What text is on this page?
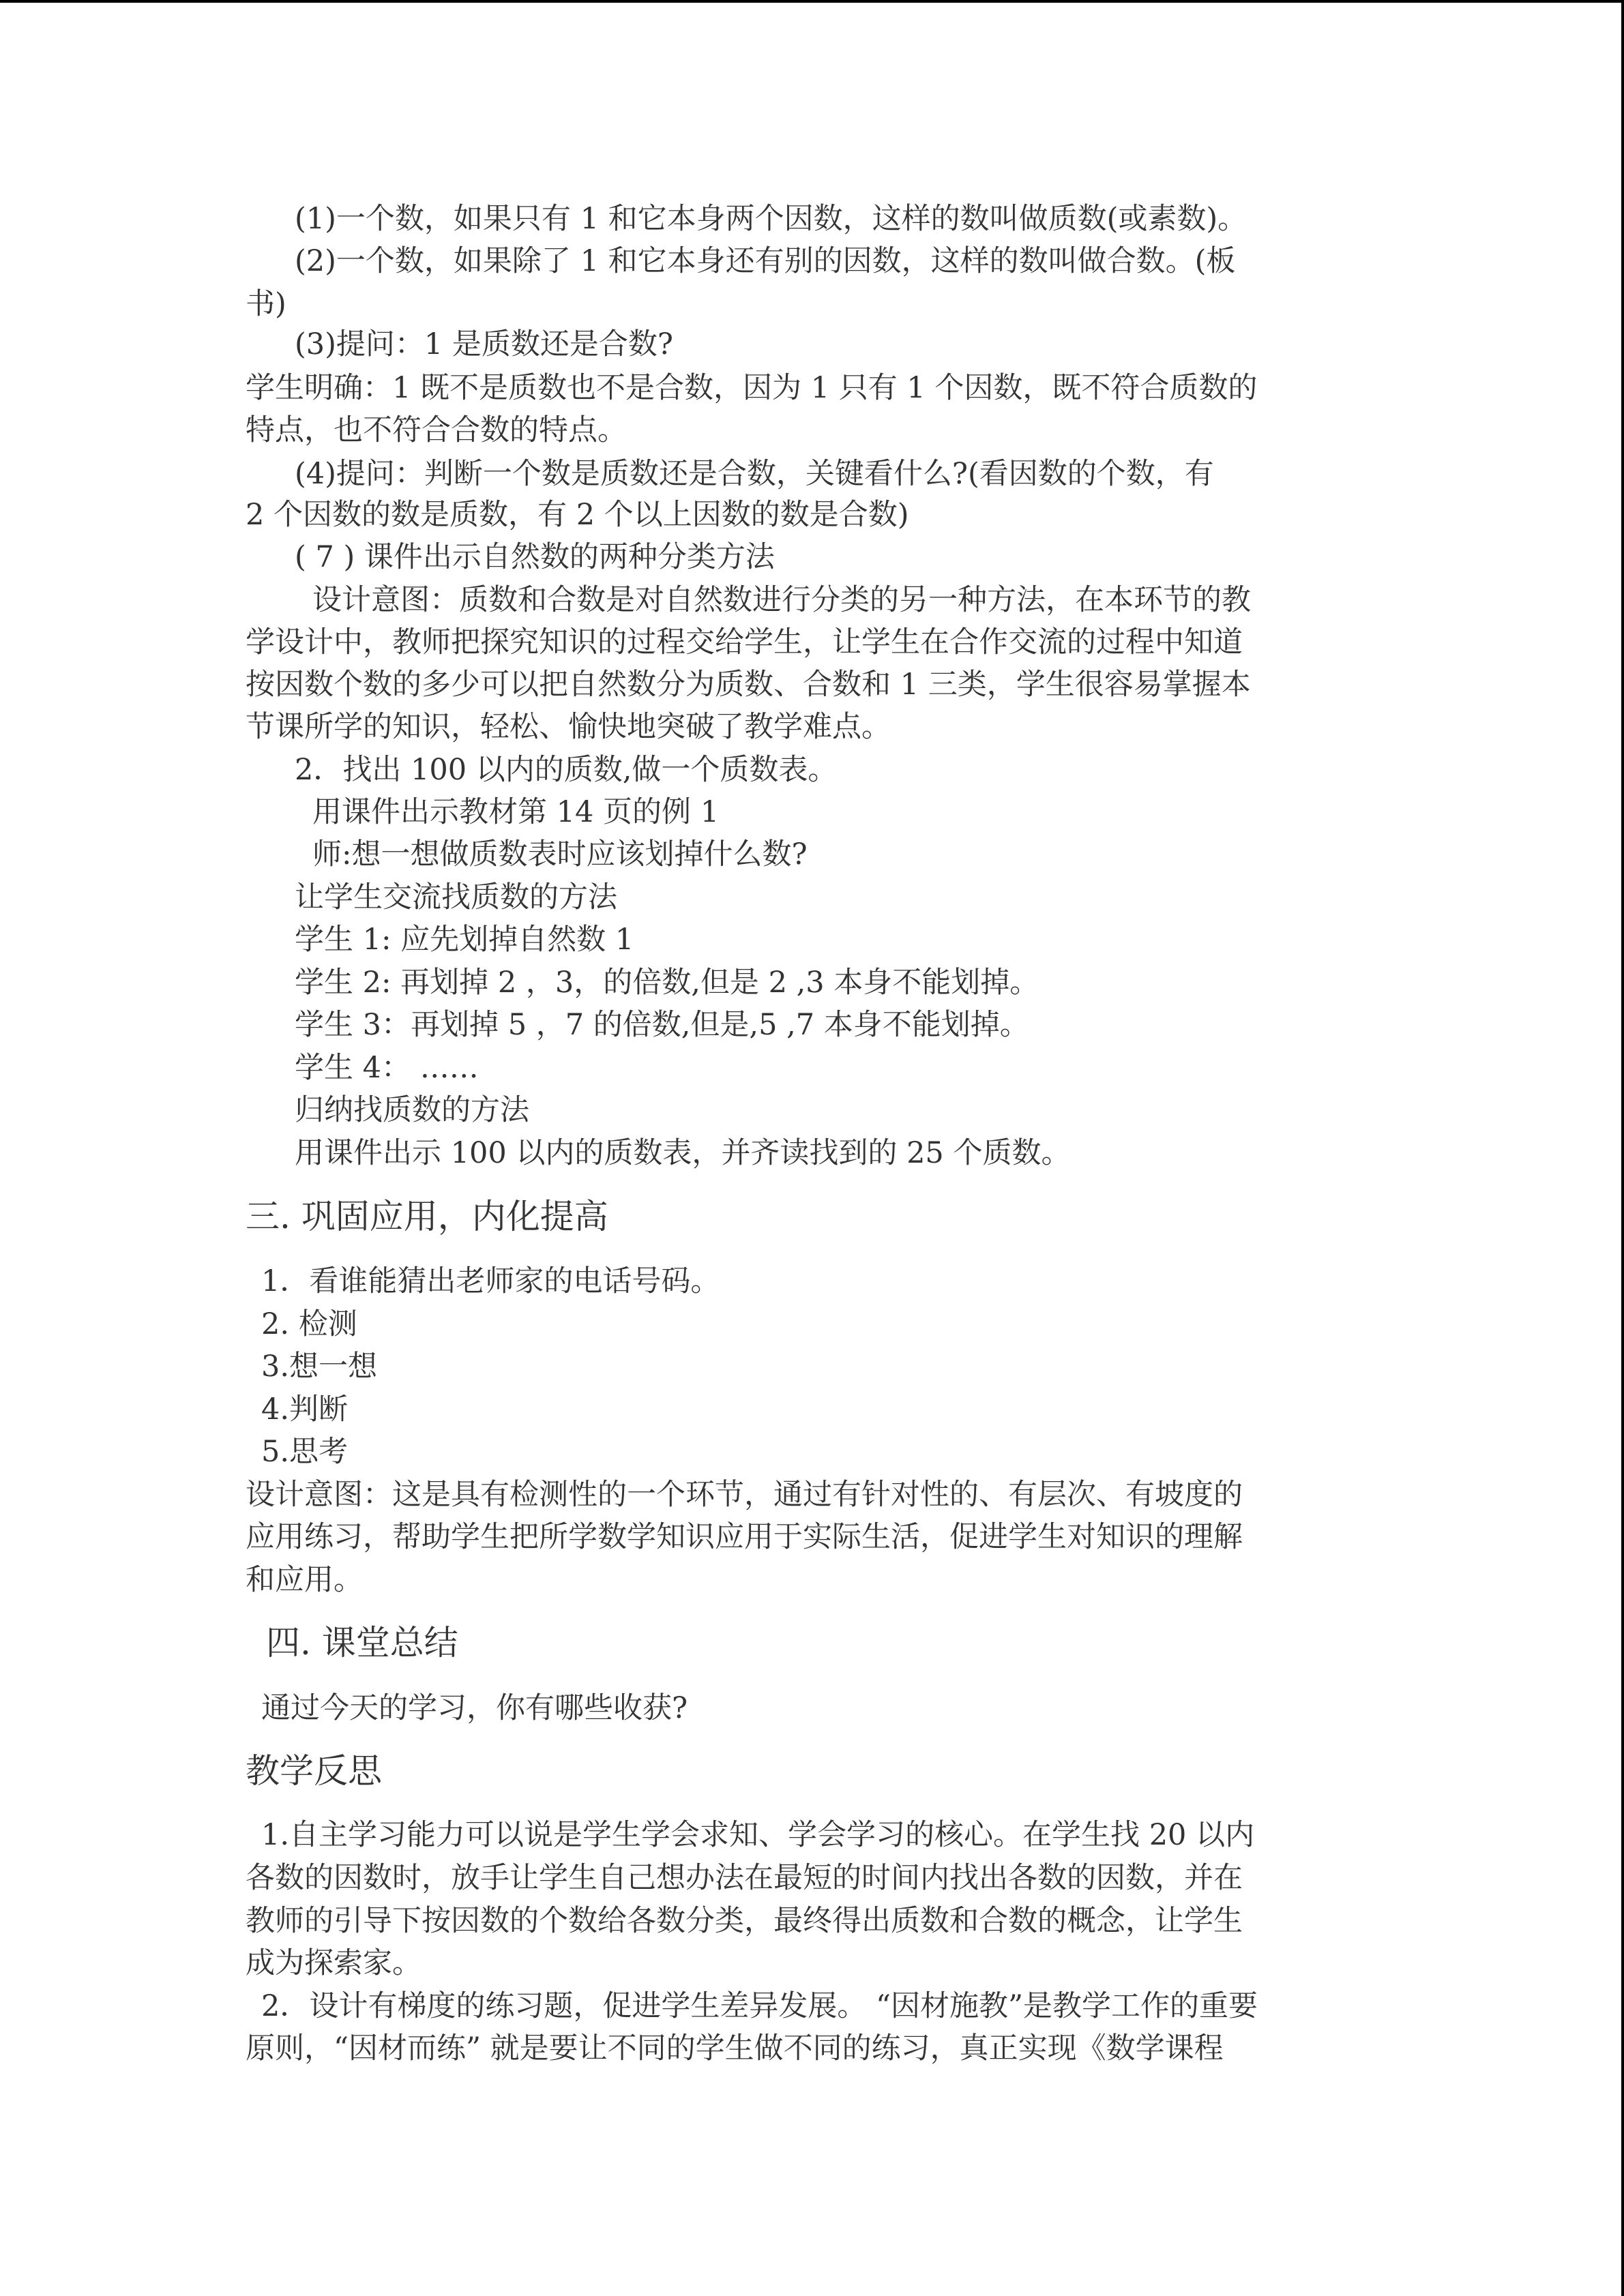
(1)一个数，如果只有 1 和它本身两个因数，这样的数叫做质数(或素数)。
(2)一个数，如果除了 1 和它本身还有别的因数，这样的数叫做合数。(板
书)
(3)提问：1 是质数还是合数?
学生明确：1 既不是质数也不是合数，因为 1 只有 1 个因数，既不符合质数的
特点，也不符合合数的特点。
(4)提问：判断一个数是质数还是合数，关键看什么?(看因数的个数，有
2 个因数的数是质数，有 2 个以上因数的数是合数)
( 7 ) 课件出示自然数的两种分类方法
设计意图：质数和合数是对自然数进行分类的另一种方法，在本环节的教
学设计中，教师把探究知识的过程交给学生，让学生在合作交流的过程中知道
按因数个数的多少可以把自然数分为质数、合数和 1 三类，学生很容易掌握本
节课所学的知识，轻松、愉快地突破了教学难点。
2．找出 100 以内的质数,做一个质数表。
用课件出示教材第 14 页的例 1
师:想一想做质数表时应该划掉什么数?
让学生交流找质数的方法
学生 1: 应先划掉自然数 1
学生 2: 再划掉 2 ，3，的倍数,但是 2 ,3 本身不能划掉。
学生 3：再划掉 5 ，7 的倍数,但是,5 ,7 本身不能划掉。
学生 4： ……
归纳找质数的方法
用课件出示 100 以内的质数表，并齐读找到的 25 个质数。
三. 巩固应用，内化提高
1．看谁能猜出老师家的电话号码。
2. 检测
3.想一想
4.判断
5.思考
设计意图：这是具有检测性的一个环节，通过有针对性的、有层次、有坡度的
应用练习，帮助学生把所学数学知识应用于实际生活，促进学生对知识的理解
和应用。
四. 课堂总结
通过今天的学习，你有哪些收获?
教学反思
1.自主学习能力可以说是学生学会求知、学会学习的核心。在学生找 20 以内
各数的因数时，放手让学生自己想办法在最短的时间内找出各数的因数，并在
教师的引导下按因数的个数给各数分类，最终得出质数和合数的概念，让学生
成为探索家。
2．设计有梯度的练习题，促进学生差异发展。 “因材施教”是教学工作的重要
原则，“因材而练” 就是要让不同的学生做不同的练习，真正实现《数学课程
